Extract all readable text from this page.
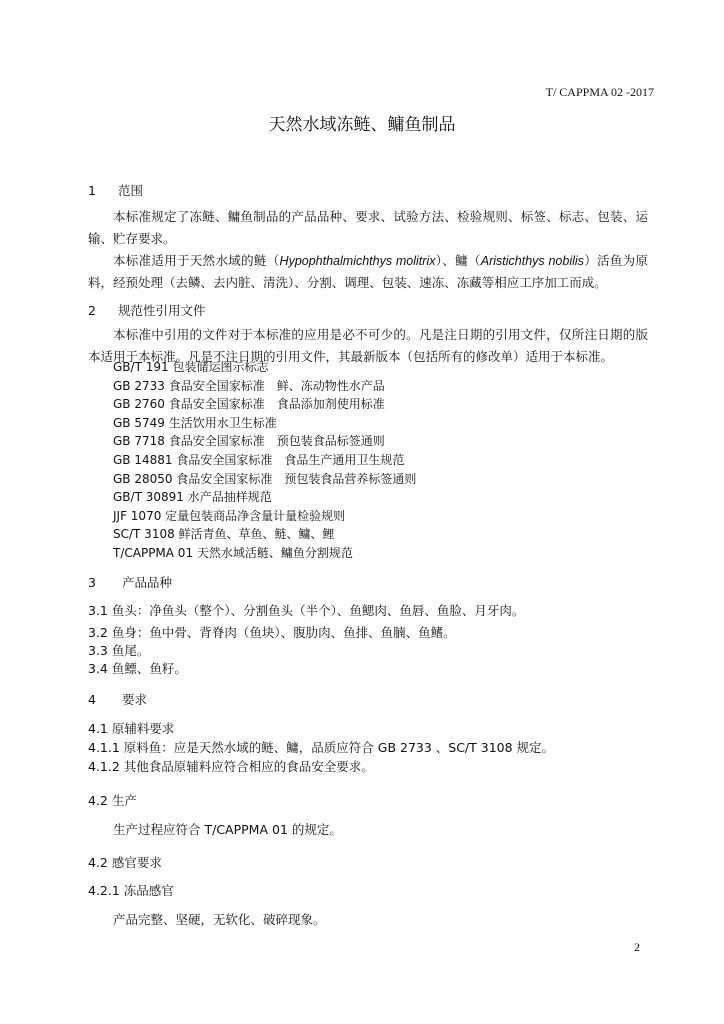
T/ CAPPMA 02 -2017
天然水域冻鲢、鳙鱼制品
1 范围

本标准规定了冻鲢、鳙鱼制品的产品品种、要求、试验方法、检验规则、标签、标志、包装、运输、贮存要求。

本标准适用于天然水域的鲢（Hypophthalmichthys molitrix）、鳙（Aristichthys nobilis）活鱼为原料，经预处理（去鳞、去内脏、清洗）、分割、调理、包装、速冻、冻藏等相应工序加工而成。

2 规范性引用文件

本标准中引用的文件对于本标准的应用是必不可少的。凡是注日期的引用文件，仅所注日期的版本适用于本标准。凡是不注日期的引用文件，其最新版本（包括所有的修改单）适用于本标准。

GB/T 191 包装储运图示标志
GB 2733 食品安全国家标准　鲜、冻动物性水产品
GB 2760 食品安全国家标准　食品添加剂使用标准
GB 5749 生活饮用水卫生标准
GB 7718 食品安全国家标准　预包装食品标签通则
GB 14881 食品安全国家标准　食品生产通用卫生规范
GB 28050 食品安全国家标准　预包装食品营养标签通则
GB/T 30891 水产品抽样规范
JJF 1070 定量包装商品净含量计量检验规则
SC/T 3108 鲜活青鱼、草鱼、鲢、鳙、鲤
T/CAPPMA 01 天然水域活鲢、鳙鱼分割规范
3 产品品种
3.1 鱼头：净鱼头（整个）、分割鱼头（半个）、鱼鳃肉、鱼唇、鱼脸、月牙肉。
3.2 鱼身：鱼中骨、背脊肉（鱼块）、腹肋肉、鱼排、鱼腩、鱼鳍。
3.3 鱼尾。
3.4 鱼鳔、鱼籽。
4 要求
4.1 原辅料要求
4.1.1 原料鱼：应是天然水域的鲢、鳙，品质应符合 GB 2733 、SC/T 3108 规定。
4.1.2 其他食品原辅料应符合相应的食品安全要求。
4.2 生产
生产过程应符合 T/CAPPMA 01 的规定。
4.2 感官要求
4.2.1 冻品感官
产品完整、坚硬，无软化、破碎现象。
2
